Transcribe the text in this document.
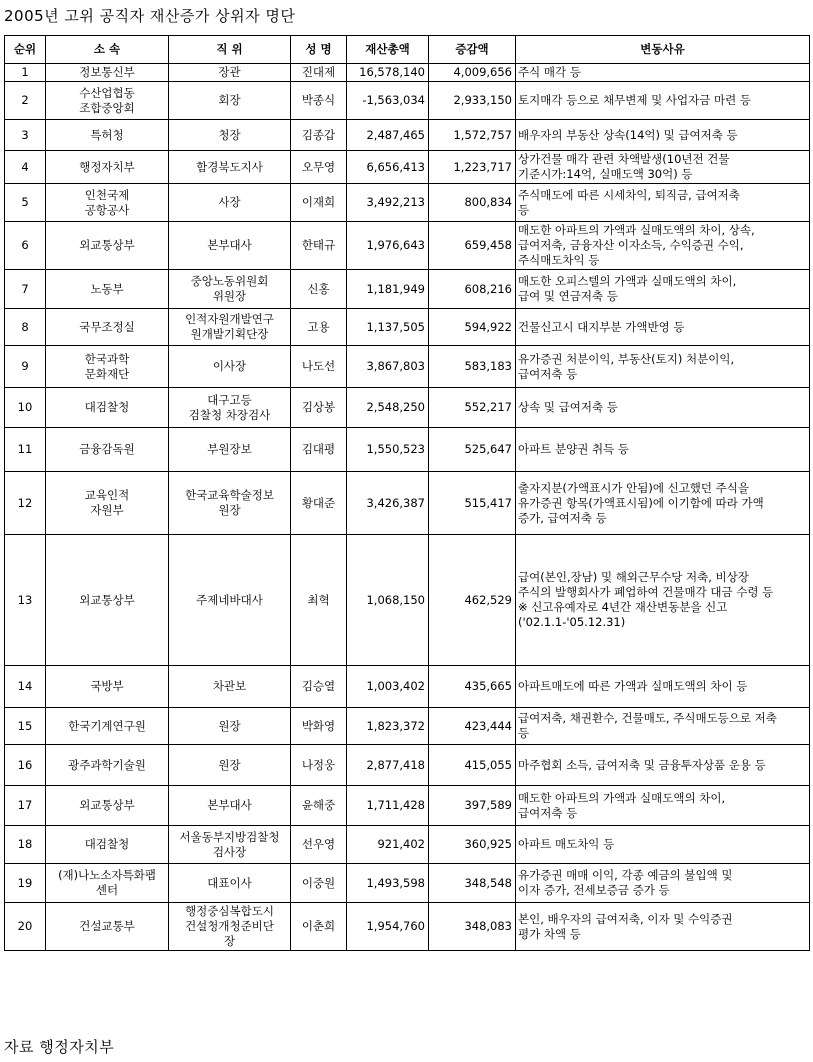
2005년 고위 공직자 재산증가 상위자 명단
순위	소 속	직 위	성 명	재산총액	증감액	변동사유
1	정보통신부	장관	진대제	16,578,140	4,009,656	주식 매각 등
2	수산업협동
조합중앙회	회장	박종식	-1,563,034	2,933,150	토지매각 등으로 채무변제 및 사업자금 마련 등
3	특허청	청장	김종갑	2,487,465	1,572,757	배우자의 부동산 상속(14억) 및 급여저축 등
4	행정자치부	함경북도지사	오무영	6,656,413	1,223,717	상가건물 매각 관련 차액발생(10년전 건물
기준시가:14억, 실매도액 30억) 등
5	인천국제
공항공사	사장	이재희	3,492,213	800,834	주식매도에 따른 시세차익, 퇴직금, 급여저축
등
6	외교통상부	본부대사	한태규	1,976,643	659,458	매도한 아파트의 가액과 실매도액의 차이, 상속,
급여저축, 금융자산 이자소득, 수익증권 수익,
주식매도차익 등
7	노동부	중앙노동위원회
위원장	신홍	1,181,949	608,216	매도한 오피스텔의 가액과 실매도액의 차이,
급여 및 연금저축 등
8	국무조정실	인적자원개발연구
원개발기획단장	고용	1,137,505	594,922	건물신고시 대지부분 가액반영 등
9	한국과학
문화재단	이사장	나도선	3,867,803	583,183	유가증권 처분이익, 부동산(토지) 처분이익,
급여저축 등
10	대검찰청	대구고등
검찰청 차장검사	김상봉	2,548,250	552,217	상속 및 급여저축 등
11	금융감독원	부원장보	김대평	1,550,523	525,647	아파트 분양권 취득 등
12	교육인적
자원부	한국교육학술정보
원장	황대준	3,426,387	515,417	출자지분(가액표시가 안됨)에 신고했던 주식을
유가증권 항목(가액표시됨)에 이기함에 따라 가액
증가, 급여저축 등
13	외교통상부	주제네바대사	최혁	1,068,150	462,529	급여(본인,장남) 및 해외근무수당 저축, 비상장
주식의 발행회사가 폐업하여 건물매각 대금 수령 등
※ 신고유예자로 4년간 재산변동분을 신고
('02.1.1-'05.12.31)
14	국방부	차관보	김승열	1,003,402	435,665	아파트매도에 따른 가액과 실매도액의 차이 등
15	한국기계연구원	원장	박화영	1,823,372	423,444	급여저축, 채권환수, 건물매도, 주식매도등으로 저축
등
16	광주과학기술원	원장	나정웅	2,877,418	415,055	마주협회 소득, 급여저축 및 금융투자상품 운용 등
17	외교통상부	본부대사	윤해중	1,711,428	397,589	매도한 아파트의 가액과 실매도액의 차이,
급여저축 등
18	대검찰청	서울동부지방검찰청
검사장	선우영	921,402	360,925	아파트 매도차익 등
19	(재)나노소자특화팹
센터	대표이사	이중원	1,493,598	348,548	유가증권 매매 이익, 각종 예금의 불입액 및
이자 증가, 전세보증금 증가 등
20	건설교통부	행정중심복합도시
건설청개청준비단
장	이춘희	1,954,760	348,083	본인, 배우자의 급여저축, 이자 및 수익증권
평가 차액 등
자료 행정자치부
